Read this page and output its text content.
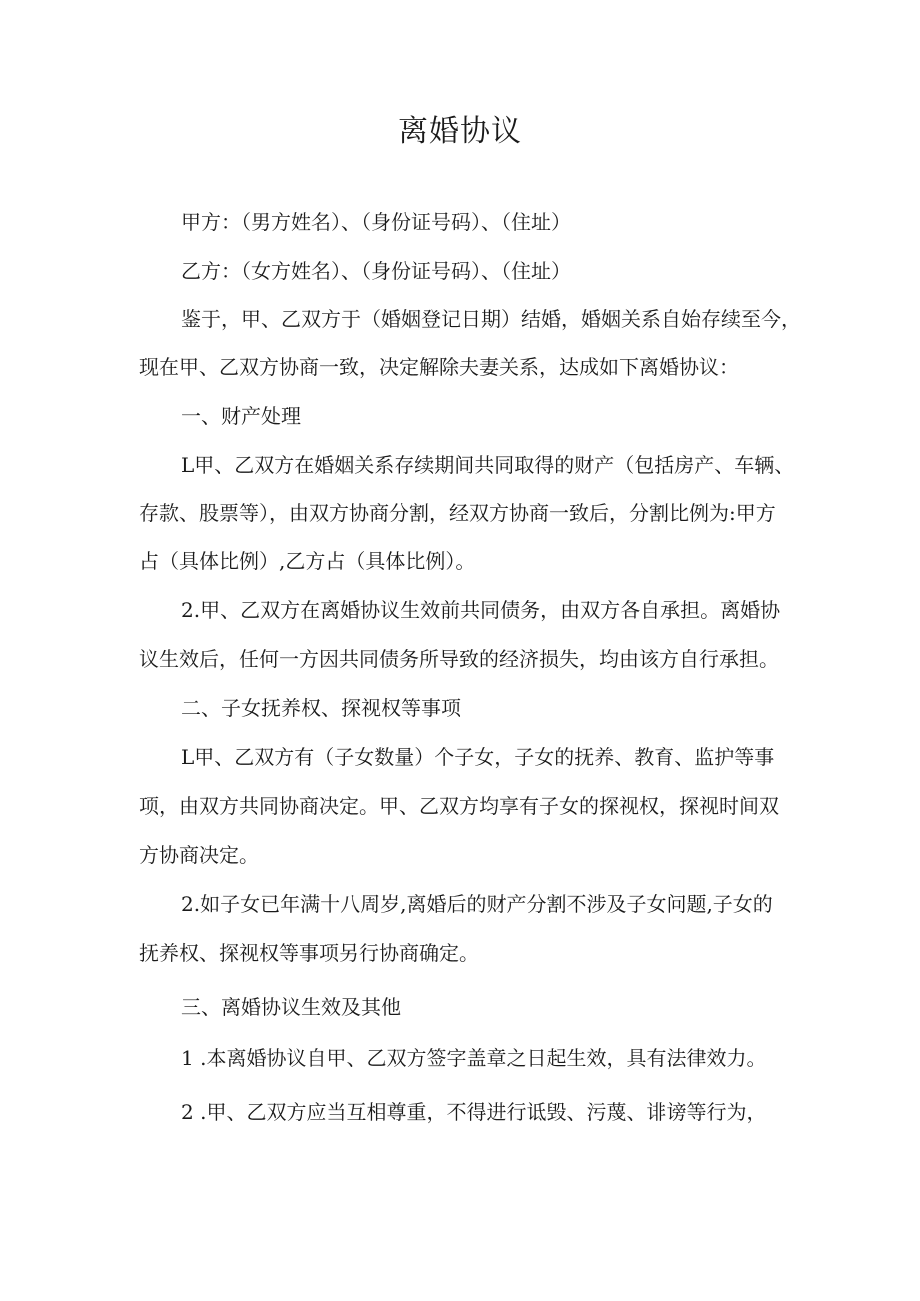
离婚协议

甲方：（男方姓名）、（身份证号码）、（住址）

乙方：（女方姓名）、（身份证号码）、（住址）

鉴于，甲、乙双方于（婚姻登记日期）结婚，婚姻关系自始存续至今，

现在甲、乙双方协商一致，决定解除夫妻关系，达成如下离婚协议：

一、财产处理

L甲、乙双方在婚姻关系存续期间共同取得的财产（包括房产、车辆、

存款、股票等），由双方协商分割，经双方协商一致后，分割比例为:甲方

占（具体比例）,乙方占（具体比例）。

2.甲、乙双方在离婚协议生效前共同债务，由双方各自承担。离婚协

议生效后，任何一方因共同债务所导致的经济损失，均由该方自行承担。

二、子女抚养权、探视权等事项

L甲、乙双方有（子女数量）个子女，子女的抚养、教育、监护等事

项，由双方共同协商决定。甲、乙双方均享有子女的探视权，探视时间双

方协商决定。

2.如子女已年满十八周岁,离婚后的财产分割不涉及子女问题,子女的

抚养权、探视权等事项另行协商确定。

三、离婚协议生效及其他

1 .本离婚协议自甲、乙双方签字盖章之日起生效，具有法律效力。

2 .甲、乙双方应当互相尊重，不得进行诋毁、污蔑、诽谤等行为，
